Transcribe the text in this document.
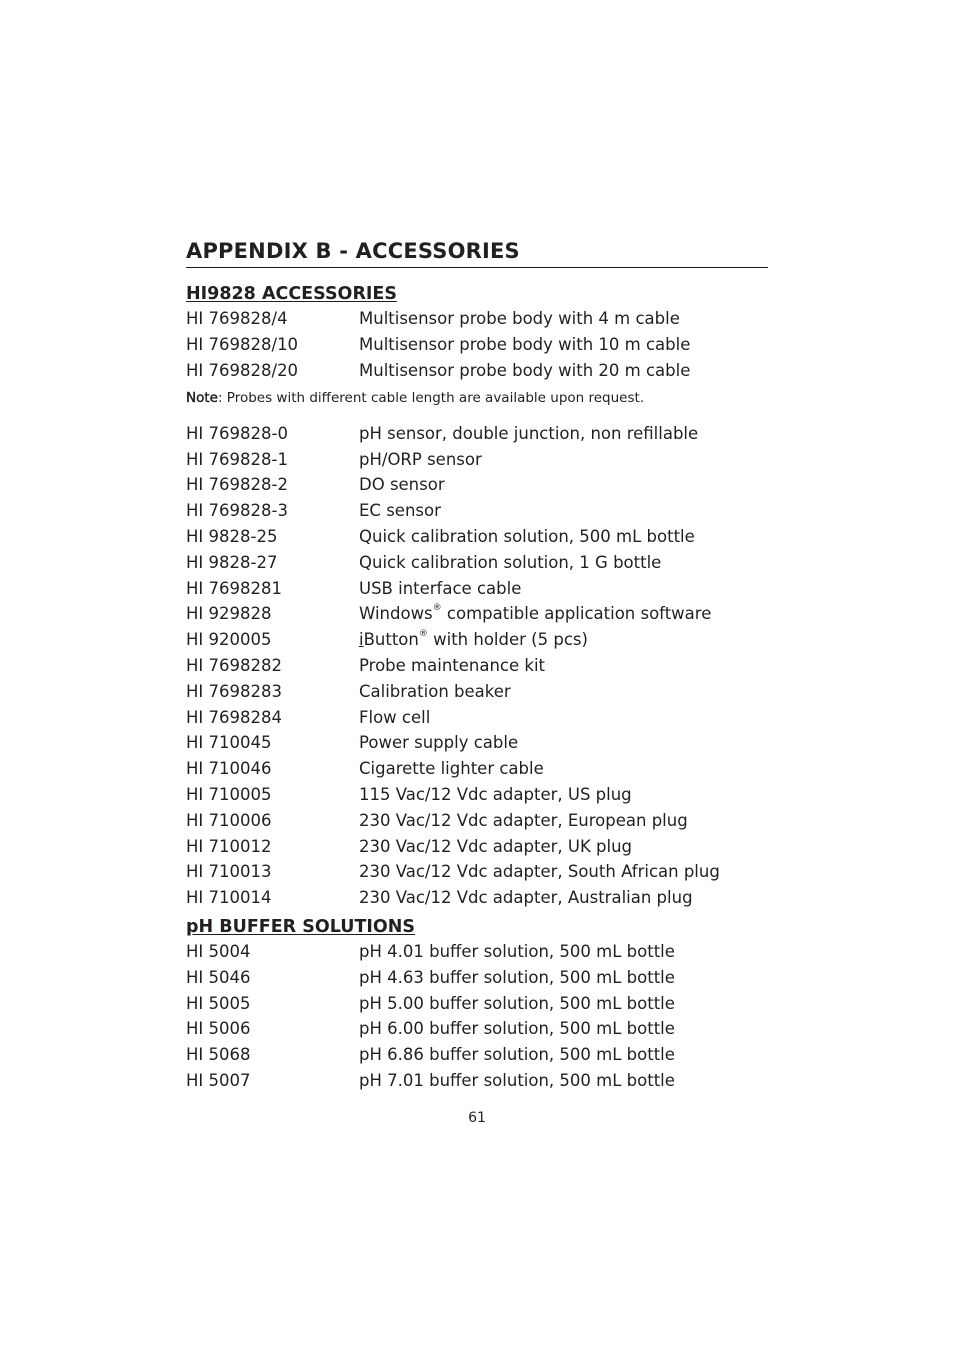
APPENDIX B - ACCESSORIES
HI9828 ACCESSORIES
HI 769828/4	Multisensor probe body with 4 m cable
HI 769828/10	Multisensor probe body with 10 m cable
HI 769828/20	Multisensor probe body with 20 m cable
Note: Probes with different cable length are available upon request.
HI 769828-0	pH sensor, double junction, non refillable
HI 769828-1	pH/ORP sensor
HI 769828-2	DO sensor
HI 769828-3	EC sensor
HI 9828-25	Quick calibration solution, 500 mL bottle
HI 9828-27	Quick calibration solution, 1 G bottle
HI 7698281	USB interface cable
HI 929828	Windows® compatible application software
HI 920005	iButton® with holder (5 pcs)
HI 7698282	Probe maintenance kit
HI 7698283	Calibration beaker
HI 7698284	Flow cell
HI 710045	Power supply cable
HI 710046	Cigarette lighter cable
HI 710005	115 Vac/12 Vdc adapter, US plug
HI 710006	230 Vac/12 Vdc adapter, European plug
HI 710012	230 Vac/12 Vdc adapter, UK plug
HI 710013	230 Vac/12 Vdc adapter, South African plug
HI 710014	230 Vac/12 Vdc adapter, Australian plug
pH BUFFER SOLUTIONS
HI 5004	pH 4.01 buffer solution, 500 mL bottle
HI 5046	pH 4.63 buffer solution, 500 mL bottle
HI 5005	pH 5.00 buffer solution, 500 mL bottle
HI 5006	pH 6.00 buffer solution, 500 mL bottle
HI 5068	pH 6.86 buffer solution, 500 mL bottle
HI 5007	pH 7.01 buffer solution, 500 mL bottle
61
